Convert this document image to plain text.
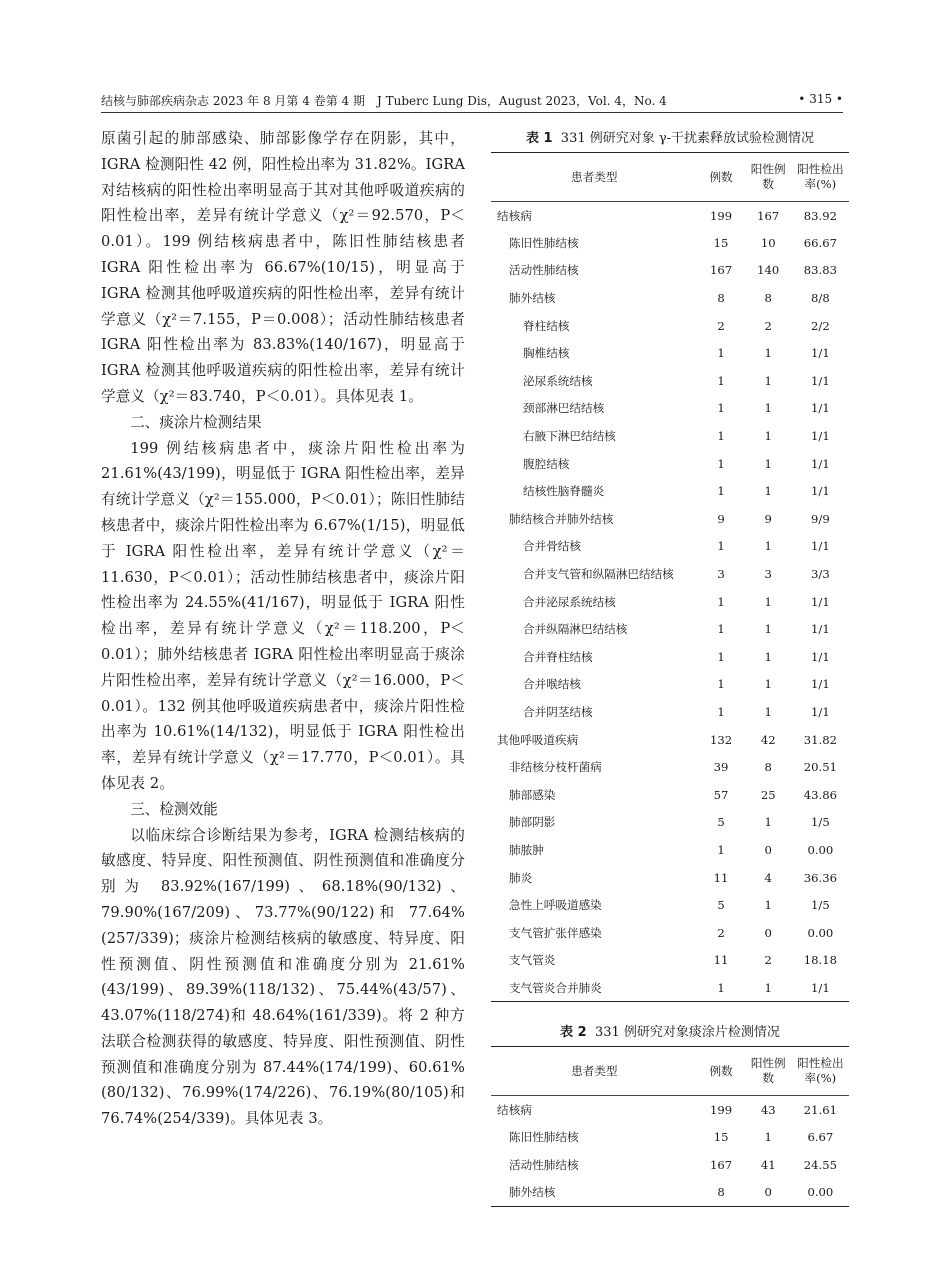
结核与肺部疾病杂志 2023 年 8 月第 4 卷第 4 期　J Tuberc Lung Dis，August 2023，Vol. 4，No. 4	• 315 •

原菌引起的肺部感染、肺部影像学存在阴影，其中，IGRA 检测阳性 42 例，阳性检出率为 31.82%。IGRA 对结核病的阳性检出率明显高于其对其他呼吸道疾病的阳性检出率，差异有统计学意义（χ²＝92.570，P＜0.01）。199 例结核病患者中，陈旧性肺结核患者 IGRA 阳性检出率为 66.67%(10/15)，明显高于 IGRA 检测其他呼吸道疾病的阳性检出率，差异有统计学意义（χ²＝7.155，P＝0.008）；活动性肺结核患者 IGRA 阳性检出率为 83.83%(140/167)，明显高于 IGRA 检测其他呼吸道疾病的阳性检出率，差异有统计学意义（χ²＝83.740，P＜0.01）。具体见表 1。

二、痰涂片检测结果

199 例结核病患者中，痰涂片阳性检出率为 21.61%(43/199)，明显低于 IGRA 阳性检出率，差异有统计学意义（χ²＝155.000，P＜0.01）；陈旧性肺结核患者中，痰涂片阳性检出率为 6.67%(1/15)，明显低于 IGRA 阳性检出率，差异有统计学意义（χ²＝11.630，P＜0.01）；活动性肺结核患者中，痰涂片阳性检出率为 24.55%(41/167)，明显低于 IGRA 阳性检出率，差异有统计学意义（χ²＝118.200，P＜0.01）；肺外结核患者 IGRA 阳性检出率明显高于痰涂片阳性检出率，差异有统计学意义（χ²＝16.000，P＜0.01）。132 例其他呼吸道疾病患者中，痰涂片阳性检出率为 10.61%(14/132)，明显低于 IGRA 阳性检出率，差异有统计学意义（χ²＝17.770，P＜0.01）。具体见表 2。

三、检测效能

以临床综合诊断结果为参考，IGRA 检测结核病的敏感度、特异度、阳性预测值、阴性预测值和准确度分别为 83.92%(167/199)、68.18%(90/132)、79.90%(167/209)、73.77%(90/122)和 77.64%(257/339)；痰涂片检测结核病的敏感度、特异度、阳性预测值、阴性预测值和准确度分别为 21.61%(43/199)、89.39%(118/132)、75.44%(43/57)、43.07%(118/274)和 48.64%(161/339)。将 2 种方法联合检测获得的敏感度、特异度、阳性预测值、阴性预测值和准确度分别为 87.44%(174/199)、60.61%(80/132)、76.99%(174/226)、76.19%(80/105)和 76.74%(254/339)。具体见表 3。

表 1 331 例研究对象 γ-干扰素释放试验检测情况
患者类型	例数	阳性例数	阳性检出率(%)
结核病	199	167	83.92
陈旧性肺结核	15	10	66.67
活动性肺结核	167	140	83.83
肺外结核	8	8	8/8
脊柱结核	2	2	2/2
胸椎结核	1	1	1/1
泌尿系统结核	1	1	1/1
颈部淋巴结结核	1	1	1/1
右腋下淋巴结结核	1	1	1/1
腹腔结核	1	1	1/1
结核性脑脊髓炎	1	1	1/1
肺结核合并肺外结核	9	9	9/9
合并骨结核	1	1	1/1
合并支气管和纵隔淋巴结结核	3	3	3/3
合并泌尿系统结核	1	1	1/1
合并纵隔淋巴结结核	1	1	1/1
合并脊柱结核	1	1	1/1
合并喉结核	1	1	1/1
合并阴茎结核	1	1	1/1
其他呼吸道疾病	132	42	31.82
非结核分枝杆菌病	39	8	20.51
肺部感染	57	25	43.86
肺部阴影	5	1	1/5
肺脓肿	1	0	0.00
肺炎	11	4	36.36
急性上呼吸道感染	5	1	1/5
支气管扩张伴感染	2	0	0.00
支气管炎	11	2	18.18
支气管炎合并肺炎	1	1	1/1
表 2 331 例研究对象痰涂片检测情况
患者类型	例数	阳性例数	阳性检出率(%)
结核病	199	43	21.61
陈旧性肺结核	15	1	6.67
活动性肺结核	167	41	24.55
肺外结核	8	0	0.00
